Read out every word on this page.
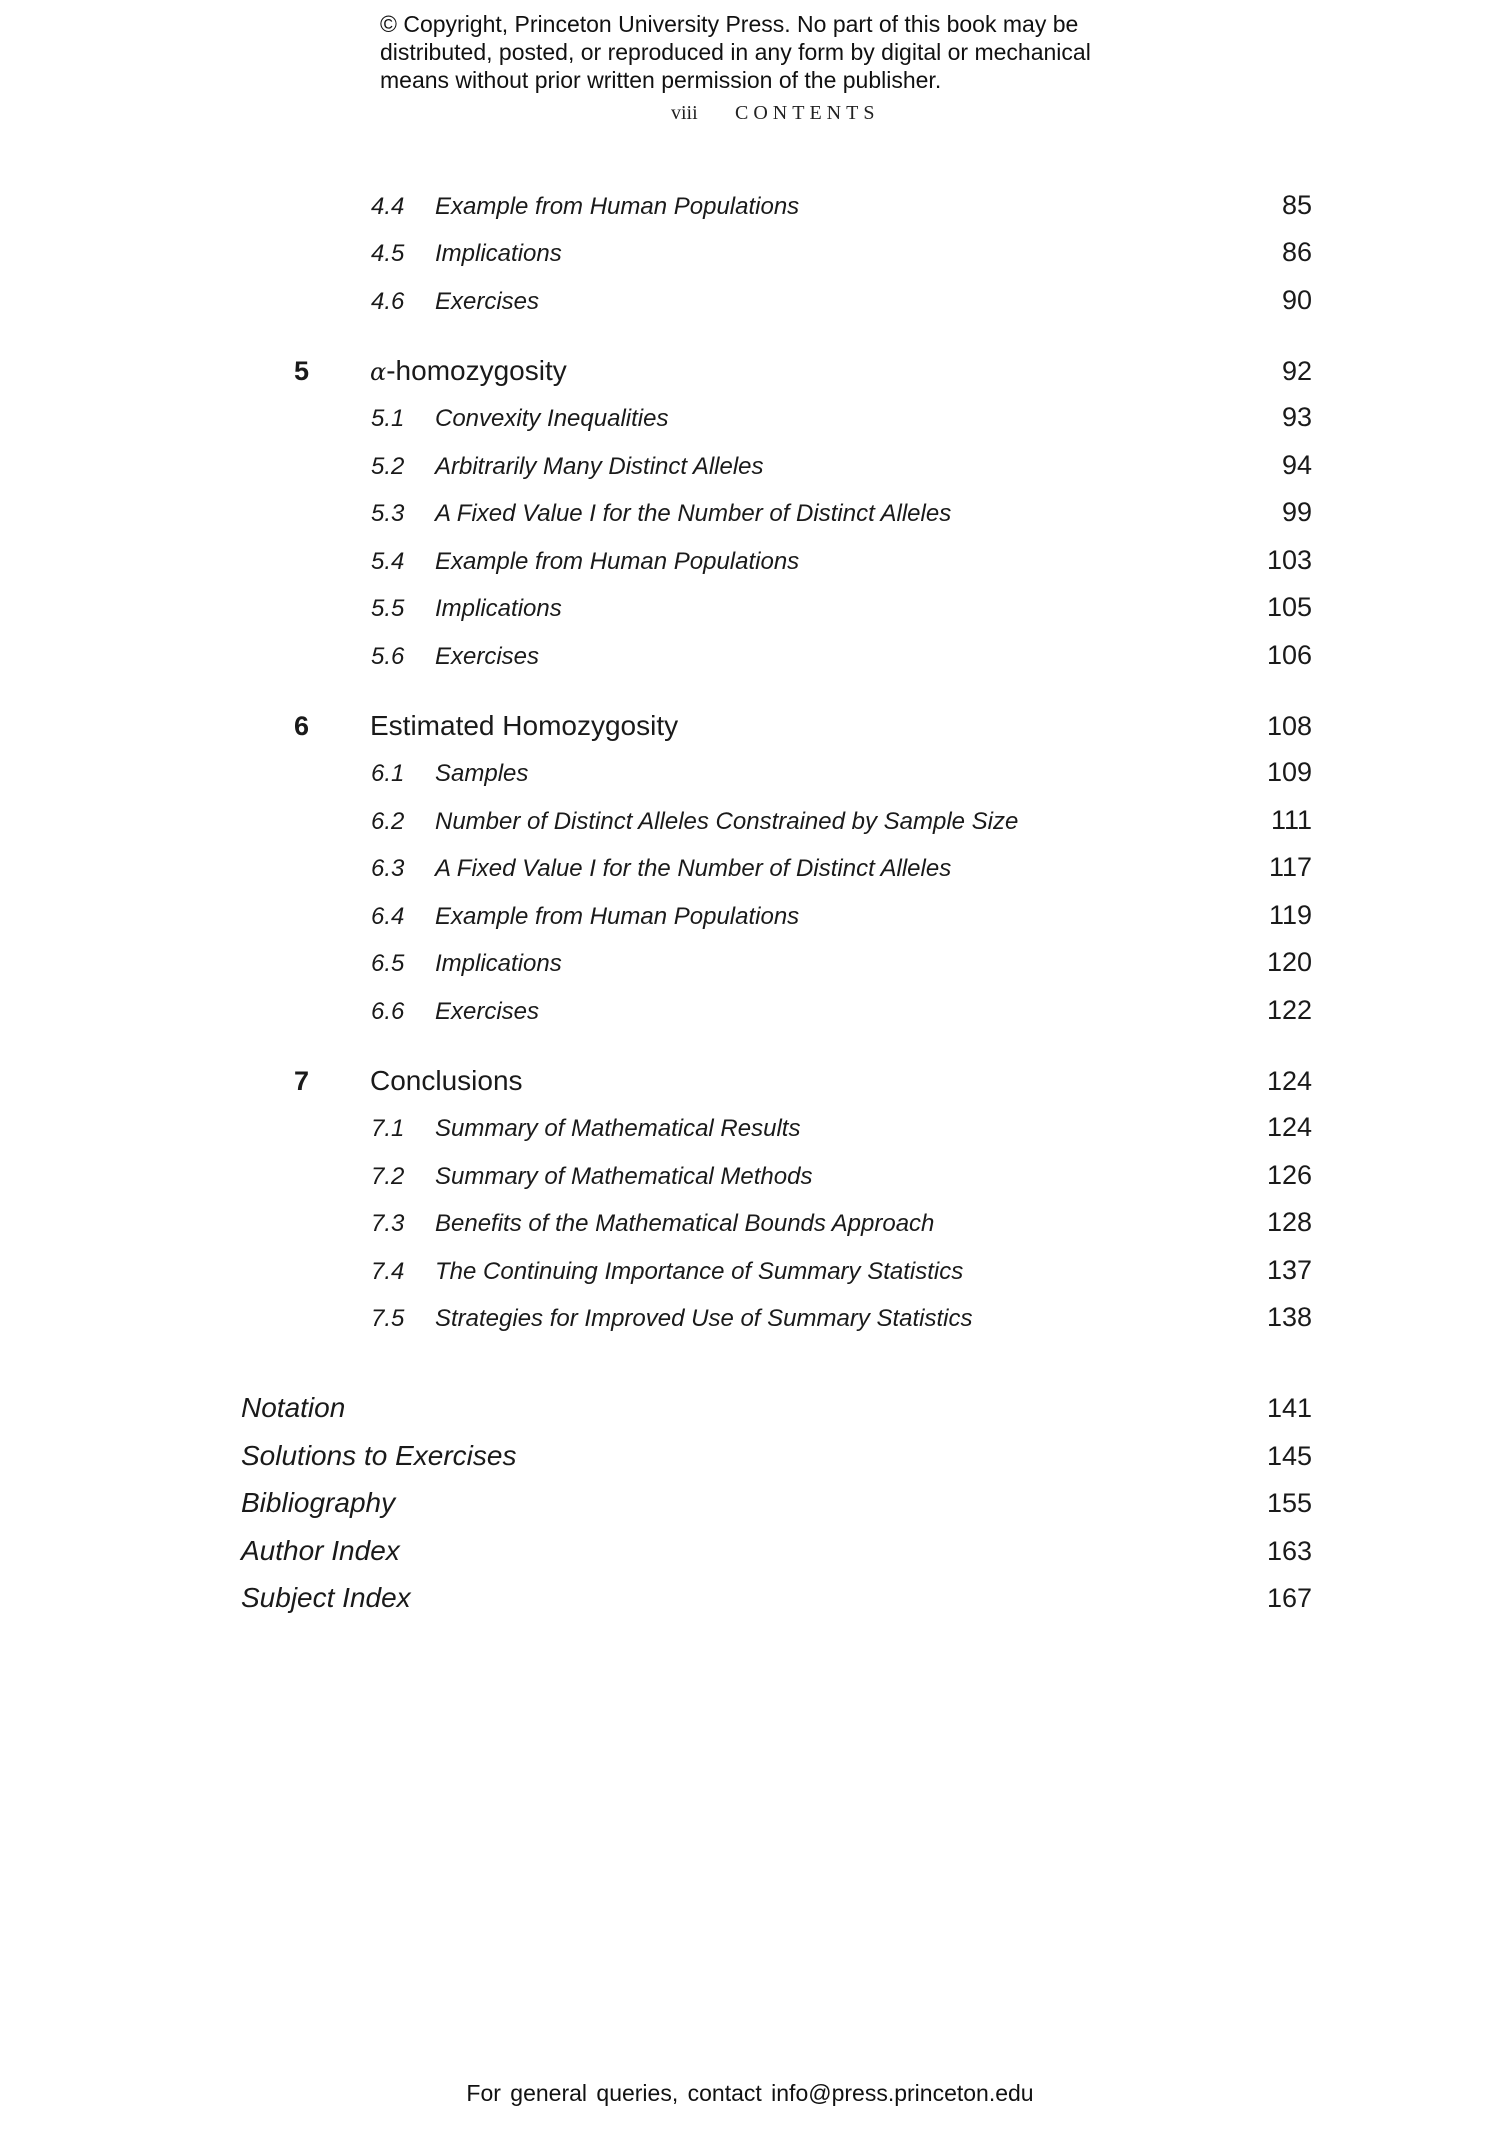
© Copyright, Princeton University Press. No part of this book may be
distributed, posted, or reproduced in any form by digital or mechanical
means without prior written permission of the publisher.
viii CONTENTS
4.4 Example from Human Populations	85
4.5 Implications	86
4.6 Exercises	90
5	α-homozygosity	92
5.1 Convexity Inequalities	93
5.2 Arbitrarily Many Distinct Alleles	94
5.3 A Fixed Value I for the Number of Distinct Alleles	99
5.4 Example from Human Populations	103
5.5 Implications	105
5.6 Exercises	106
6 Estimated Homozygosity	108
6.1 Samples	109
6.2 Number of Distinct Alleles Constrained by Sample Size	111
6.3 A Fixed Value I for the Number of Distinct Alleles	117
6.4 Example from Human Populations	119
6.5 Implications	120
6.6 Exercises	122
7 Conclusions	124
7.1 Summary of Mathematical Results	124
7.2 Summary of Mathematical Methods	126
7.3 Benefits of the Mathematical Bounds Approach	128
7.4 The Continuing Importance of Summary Statistics	137
7.5 Strategies for Improved Use of Summary Statistics	138
Notation	141
Solutions to Exercises	145
Bibliography	155
Author Index	163
Subject Index	167
For general queries, contact info@press.princeton.edu
